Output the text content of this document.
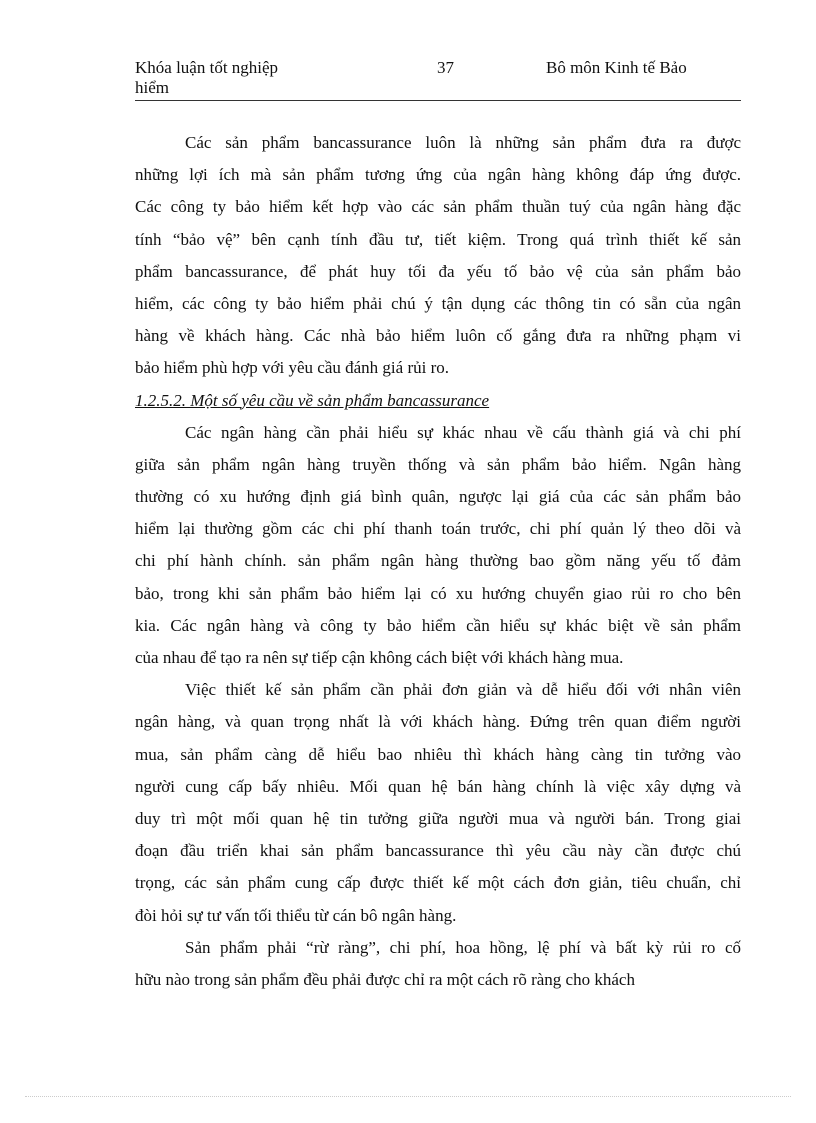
Khóa luận tốt nghiệp
hiểm
37	Bô môn Kinh tế Bảo
Các sản phẩm bancassurance luôn là những sản phẩm đưa ra được
những lợi ích mà sản phẩm tương ứng của ngân hàng không đáp ứng được.
Các công ty bảo hiểm kết hợp vào các sản phẩm thuần tuý của ngân hàng đặc
tính “bảo vệ” bên cạnh tính đầu tư, tiết kiệm. Trong quá trình thiết kế sản
phẩm bancassurance, để phát huy tối đa yếu tố bảo vệ của sản phẩm bảo
hiểm, các công ty bảo hiểm phải chú ý tận dụng các thông tin có sẵn của ngân
hàng về khách hàng. Các nhà bảo hiểm luôn cố gắng đưa ra những phạm vi
bảo hiểm phù hợp với yêu cầu đánh giá rủi ro.
1.2.5.2. Một số yêu cầu về sản phẩm bancassurance
Các ngân hàng cần phải hiểu sự khác nhau về cấu thành giá và chi phí
giữa sản phẩm ngân hàng truyền thống và sản phẩm bảo hiểm. Ngân hàng
thường có xu hướng định giá bình quân, ngược lại giá của các sản phẩm bảo
hiểm lại thường gồm các chi phí thanh toán trước, chi phí quản lý theo dõi và
chi phí hành chính. sản phẩm ngân hàng thường bao gồm năng yếu tố đảm
bảo, trong khi sản phẩm bảo hiểm lại có xu hướng chuyển giao rủi ro cho bên
kia. Các ngân hàng và công ty bảo hiểm cần hiểu sự khác biệt về sản phẩm
của nhau để tạo ra nên sự tiếp cận không cách biệt với khách hàng mua.
Việc thiết kế sản phẩm cần phải đơn giản và dễ hiểu đối với nhân viên
ngân hàng, và quan trọng nhất là với khách hàng. Đứng trên quan điểm người
mua, sản phẩm càng dễ hiểu bao nhiêu thì khách hàng càng tin tưởng vào
người cung cấp bấy nhiêu. Mối quan hệ bán hàng chính là việc xây dựng và
duy trì một mối quan hệ tin tưởng giữa người mua và người bán. Trong giai
đoạn đầu triển khai sản phẩm bancassurance thì yêu cầu này cần được chú
trọng, các sản phẩm cung cấp được thiết kế một cách đơn giản, tiêu chuẩn, chỉ
đòi hỏi sự tư vấn tối thiểu từ cán bô ngân hàng.
Sản phẩm phải “rừ ràng”, chi phí, hoa hồng, lệ phí và bất kỳ rủi ro cố
hữu nào trong sản phẩm đều phải được chỉ ra một cách rõ ràng cho khách
